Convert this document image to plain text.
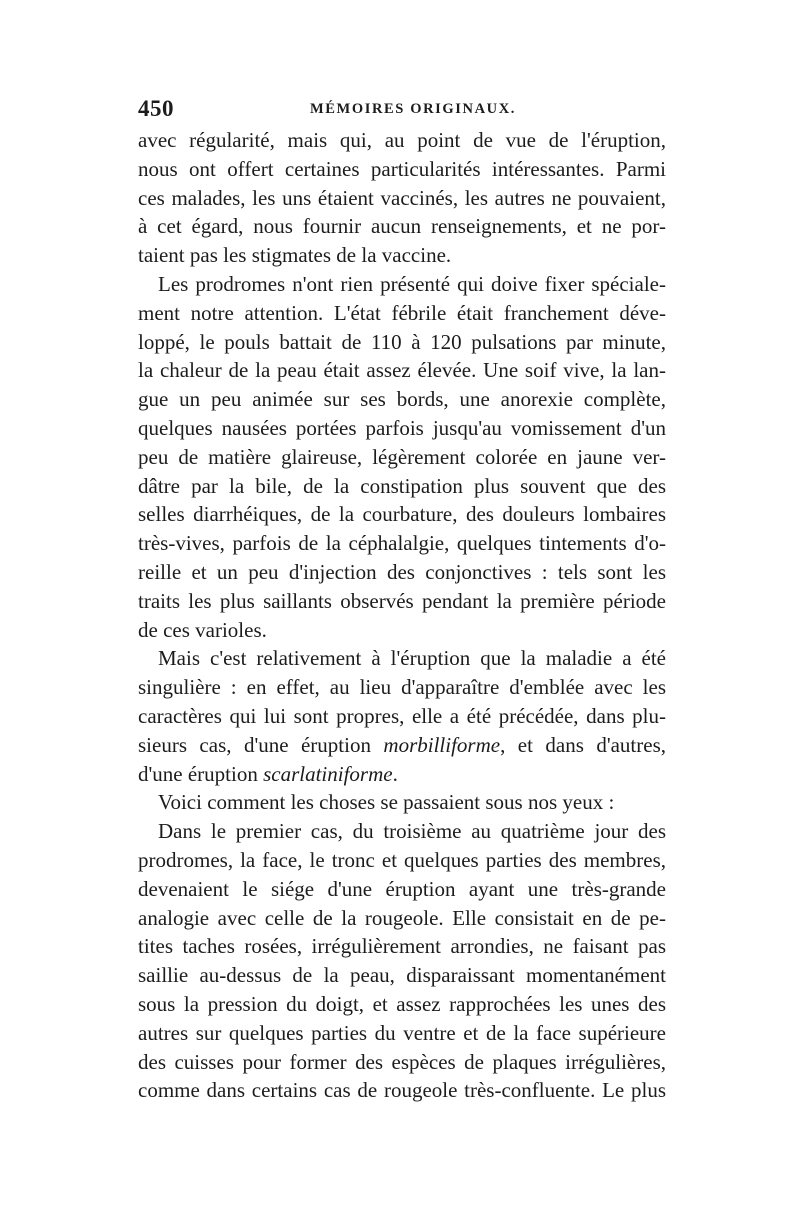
450	MÉMOIRES ORIGINAUX.
avec régularité, mais qui, au point de vue de l'éruption,
nous ont offert certaines particularités intéressantes. Parmi
ces malades, les uns étaient vaccinés, les autres ne pouvaient,
à cet égard, nous fournir aucun renseignements, et ne por-
taient pas les stigmates de la vaccine.
Les prodromes n'ont rien présenté qui doive fixer spéciale-
ment notre attention. L'état fébrile était franchement déve-
loppé, le pouls battait de 110 à 120 pulsations par minute,
la chaleur de la peau était assez élevée. Une soif vive, la lan-
gue un peu animée sur ses bords, une anorexie complète,
quelques nausées portées parfois jusqu'au vomissement d'un
peu de matière glaireuse, légèrement colorée en jaune ver-
dâtre par la bile, de la constipation plus souvent que des
selles diarrhéiques, de la courbature, des douleurs lombaires
très-vives, parfois de la céphalalgie, quelques tintements d'o-
reille et un peu d'injection des conjonctives : tels sont les
traits les plus saillants observés pendant la première période
de ces varioles.
Mais c'est relativement à l'éruption que la maladie a été
singulière : en effet, au lieu d'apparaître d'emblée avec les
caractères qui lui sont propres, elle a été précédée, dans plu-
sieurs cas, d'une éruption morbilliforme, et dans d'autres,
d'une éruption scarlatiniforme.
Voici comment les choses se passaient sous nos yeux :
Dans le premier cas, du troisième au quatrième jour des
prodromes, la face, le tronc et quelques parties des membres,
devenaient le siége d'une éruption ayant une très-grande
analogie avec celle de la rougeole. Elle consistait en de pe-
tites taches rosées, irrégulièrement arrondies, ne faisant pas
saillie au-dessus de la peau, disparaissant momentanément
sous la pression du doigt, et assez rapprochées les unes des
autres sur quelques parties du ventre et de la face supérieure
des cuisses pour former des espèces de plaques irrégulières,
comme dans certains cas de rougeole très-confluente. Le plus
